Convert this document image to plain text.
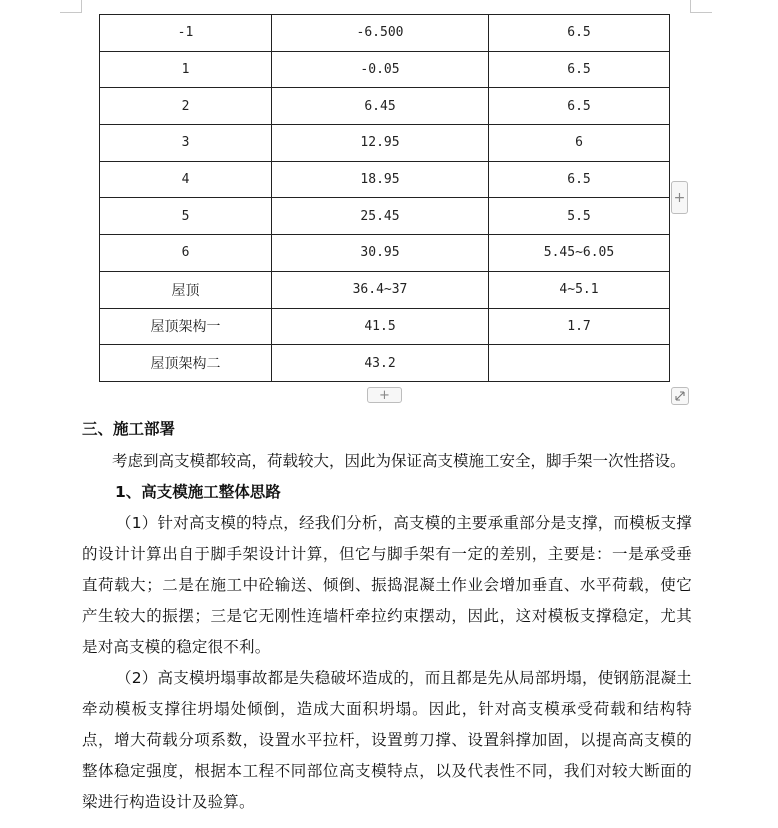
-1	-6.500	6.5
1	-0.05	6.5
2	6.45	6.5
3	12.95	6
4	18.95	6.5
5	25.45	5.5
6	30.95	5.45~6.05
屋顶	36.4~37	4~5.1
屋顶架构一	41.5	1.7
屋顶架构二	43.2	
+
+
三、施工部署
考虑到高支模都较高，荷载较大，因此为保证高支模施工安全，脚手架一次性搭设。
1、高支模施工整体思路
（1）针对高支模的特点，经我们分析，高支模的主要承重部分是支撑，而模板支撑的设计计算出自于脚手架设计计算，但它与脚手架有一定的差别，主要是：一是承受垂直荷载大；二是在施工中砼输送、倾倒、振捣混凝土作业会增加垂直、水平荷载，使它产生较大的振摆；三是它无刚性连墙杆牵拉约束摆动，因此，这对模板支撑稳定，尤其是对高支模的稳定很不利。
（2）高支模坍塌事故都是失稳破坏造成的，而且都是先从局部坍塌，使钢筋混凝土牵动模板支撑往坍塌处倾倒，造成大面积坍塌。因此，针对高支模承受荷载和结构特点，增大荷载分项系数，设置水平拉杆，设置剪刀撑、设置斜撑加固，以提高高支模的整体稳定强度，根据本工程不同部位高支模特点，以及代表性不同，我们对较大断面的梁进行构造设计及验算。
